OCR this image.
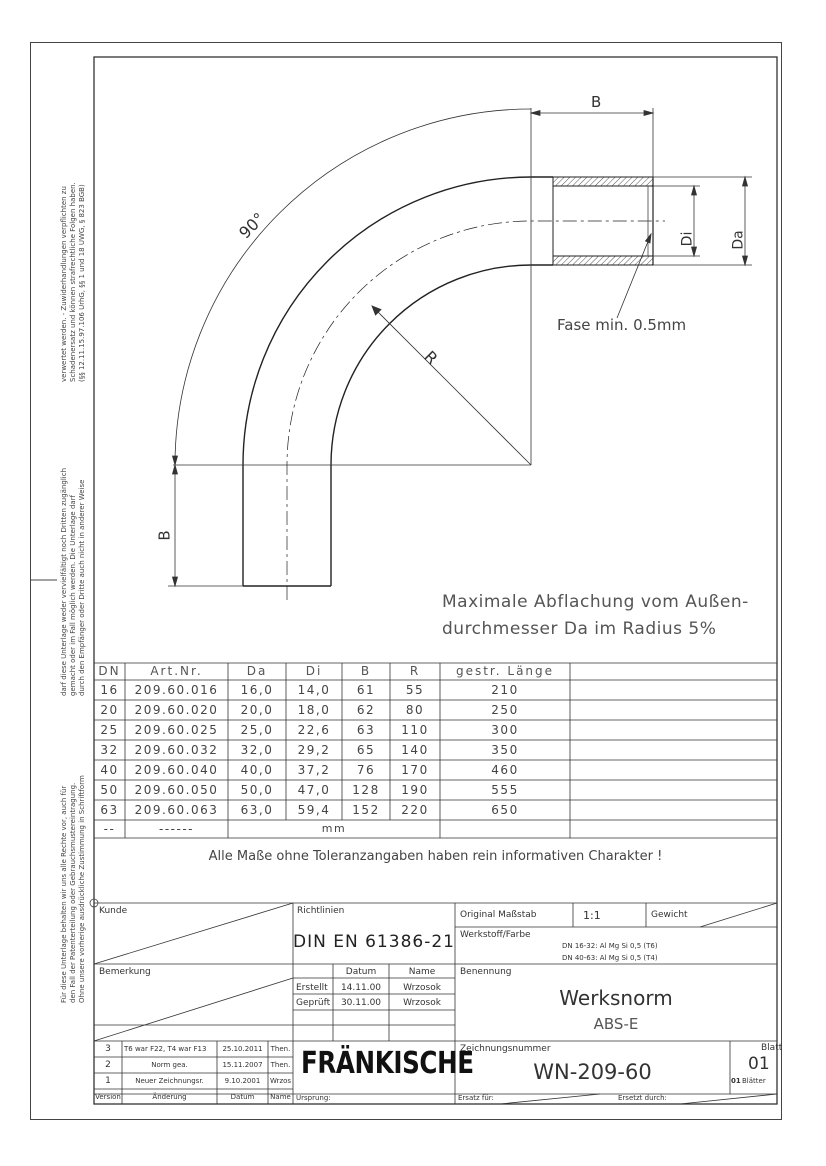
Für diese Unterlage behalten wir uns alle Rechte vor, auch für den Fall der Patenterteilung oder Gebrauchsmustereintragung. Ohne unsere vorherige ausdrückliche Zustimmung in Schriftform
darf diese Unterlage weder vervielfältigt noch Dritten zugänglich gemacht oder im Fall möglich werden. Die Unterlage darf durch den Empfänger oder Dritte auch nicht in anderer Weise
verwertet werden. - Zuwiderhandlungen verpflichten zu Schadenersatz und können strafrechtliche Folgen haben. (§§ 12.11.15.97.106 UrhG, §§ 1 und 18 UWG, § 823 BGB)
B
B
90°
R
Di	Da
Fase min. 0.5mm
Maximale Abflachung vom Außen-
durchmesser Da im Radius 5%
DN	Art.Nr.	Da	Di	B	R	gestr. Länge
16	209.60.016	16,0	14,0	61	55	210
20	209.60.020	20,0	18,0	62	80	250
25	209.60.025	25,0	22,6	63	110	300
32	209.60.032	32,0	29,2	65	140	350
40	209.60.040	40,0	37,2	76	170	460
50	209.60.050	50,0	47,0	128	190	555
63	209.60.063	63,0	59,4	152	220	650
--	------	mm
Alle Maße ohne Toleranzangaben haben rein informativen Charakter !
Kunde	Richtlinien
DIN EN 61386-21
Original Maßstab	1:1	Gewicht
Werkstoff/Farbe
DN 16-32: Al Mg Si 0,5 (T6)
DN 40-63: Al Mg Si 0,5 (T4)
Bemerkung	Datum	Name
Erstellt	14.11.00	Wrzosok
Geprüft	30.11.00	Wrzosok
Benennung
Werksnorm
ABS-E
3	T6 war F22, T4 war F13	25.10.2011	Then.
2	Norm gea.	15.11.2007	Then.
1	Neuer Zeichnungsr.	9.10.2001	Wrzos
Version	Änderung	Datum	Name
FRÄNKISCHE
Ursprung:
Zeichnungsnummer
WN-209-60
Blatt
01
01 Blätter
Ersatz für:	Ersetzt durch:
